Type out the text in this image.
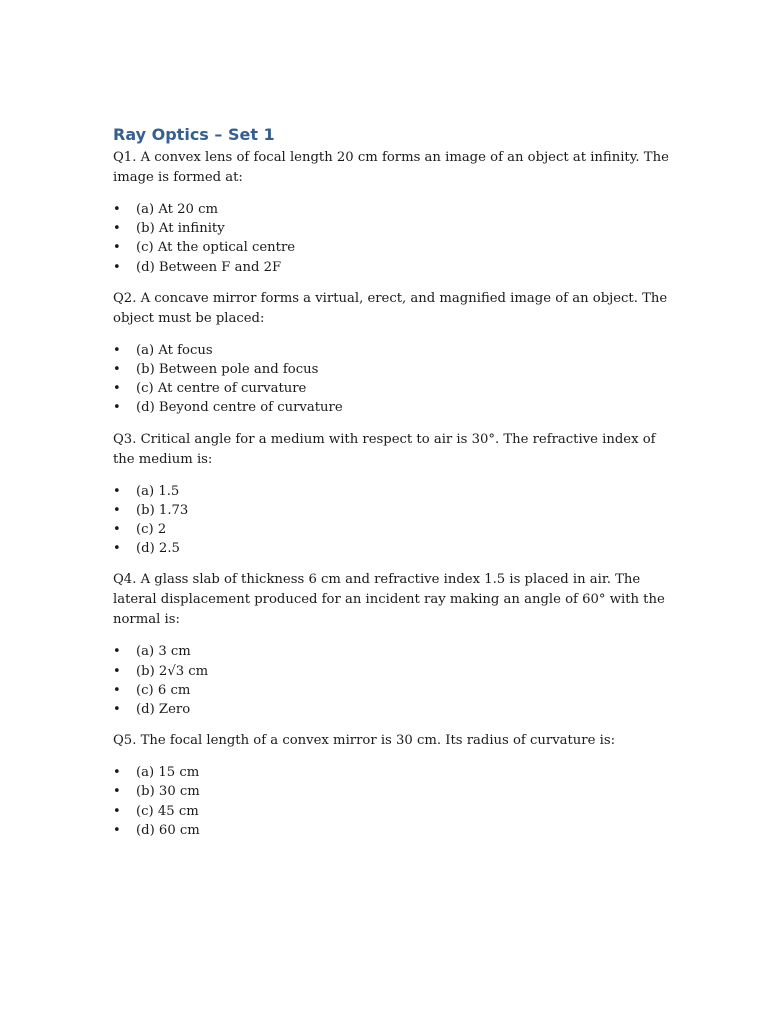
Ray Optics – Set 1

Q1. A convex lens of focal length 20 cm forms an image of an object at infinity. The image is formed at:

• (a) At 20 cm
• (b) At infinity
• (c) At the optical centre
• (d) Between F and 2F

Q2. A concave mirror forms a virtual, erect, and magnified image of an object. The object must be placed:

• (a) At focus
• (b) Between pole and focus
• (c) At centre of curvature
• (d) Beyond centre of curvature

Q3. Critical angle for a medium with respect to air is 30°. The refractive index of the medium is:

• (a) 1.5
• (b) 1.73
• (c) 2
• (d) 2.5

Q4. A glass slab of thickness 6 cm and refractive index 1.5 is placed in air. The lateral displacement produced for an incident ray making an angle of 60° with the normal is:

• (a) 3 cm
• (b) 2√3 cm
• (c) 6 cm
• (d) Zero

Q5. The focal length of a convex mirror is 30 cm. Its radius of curvature is:

• (a) 15 cm
• (b) 30 cm
• (c) 45 cm
• (d) 60 cm
